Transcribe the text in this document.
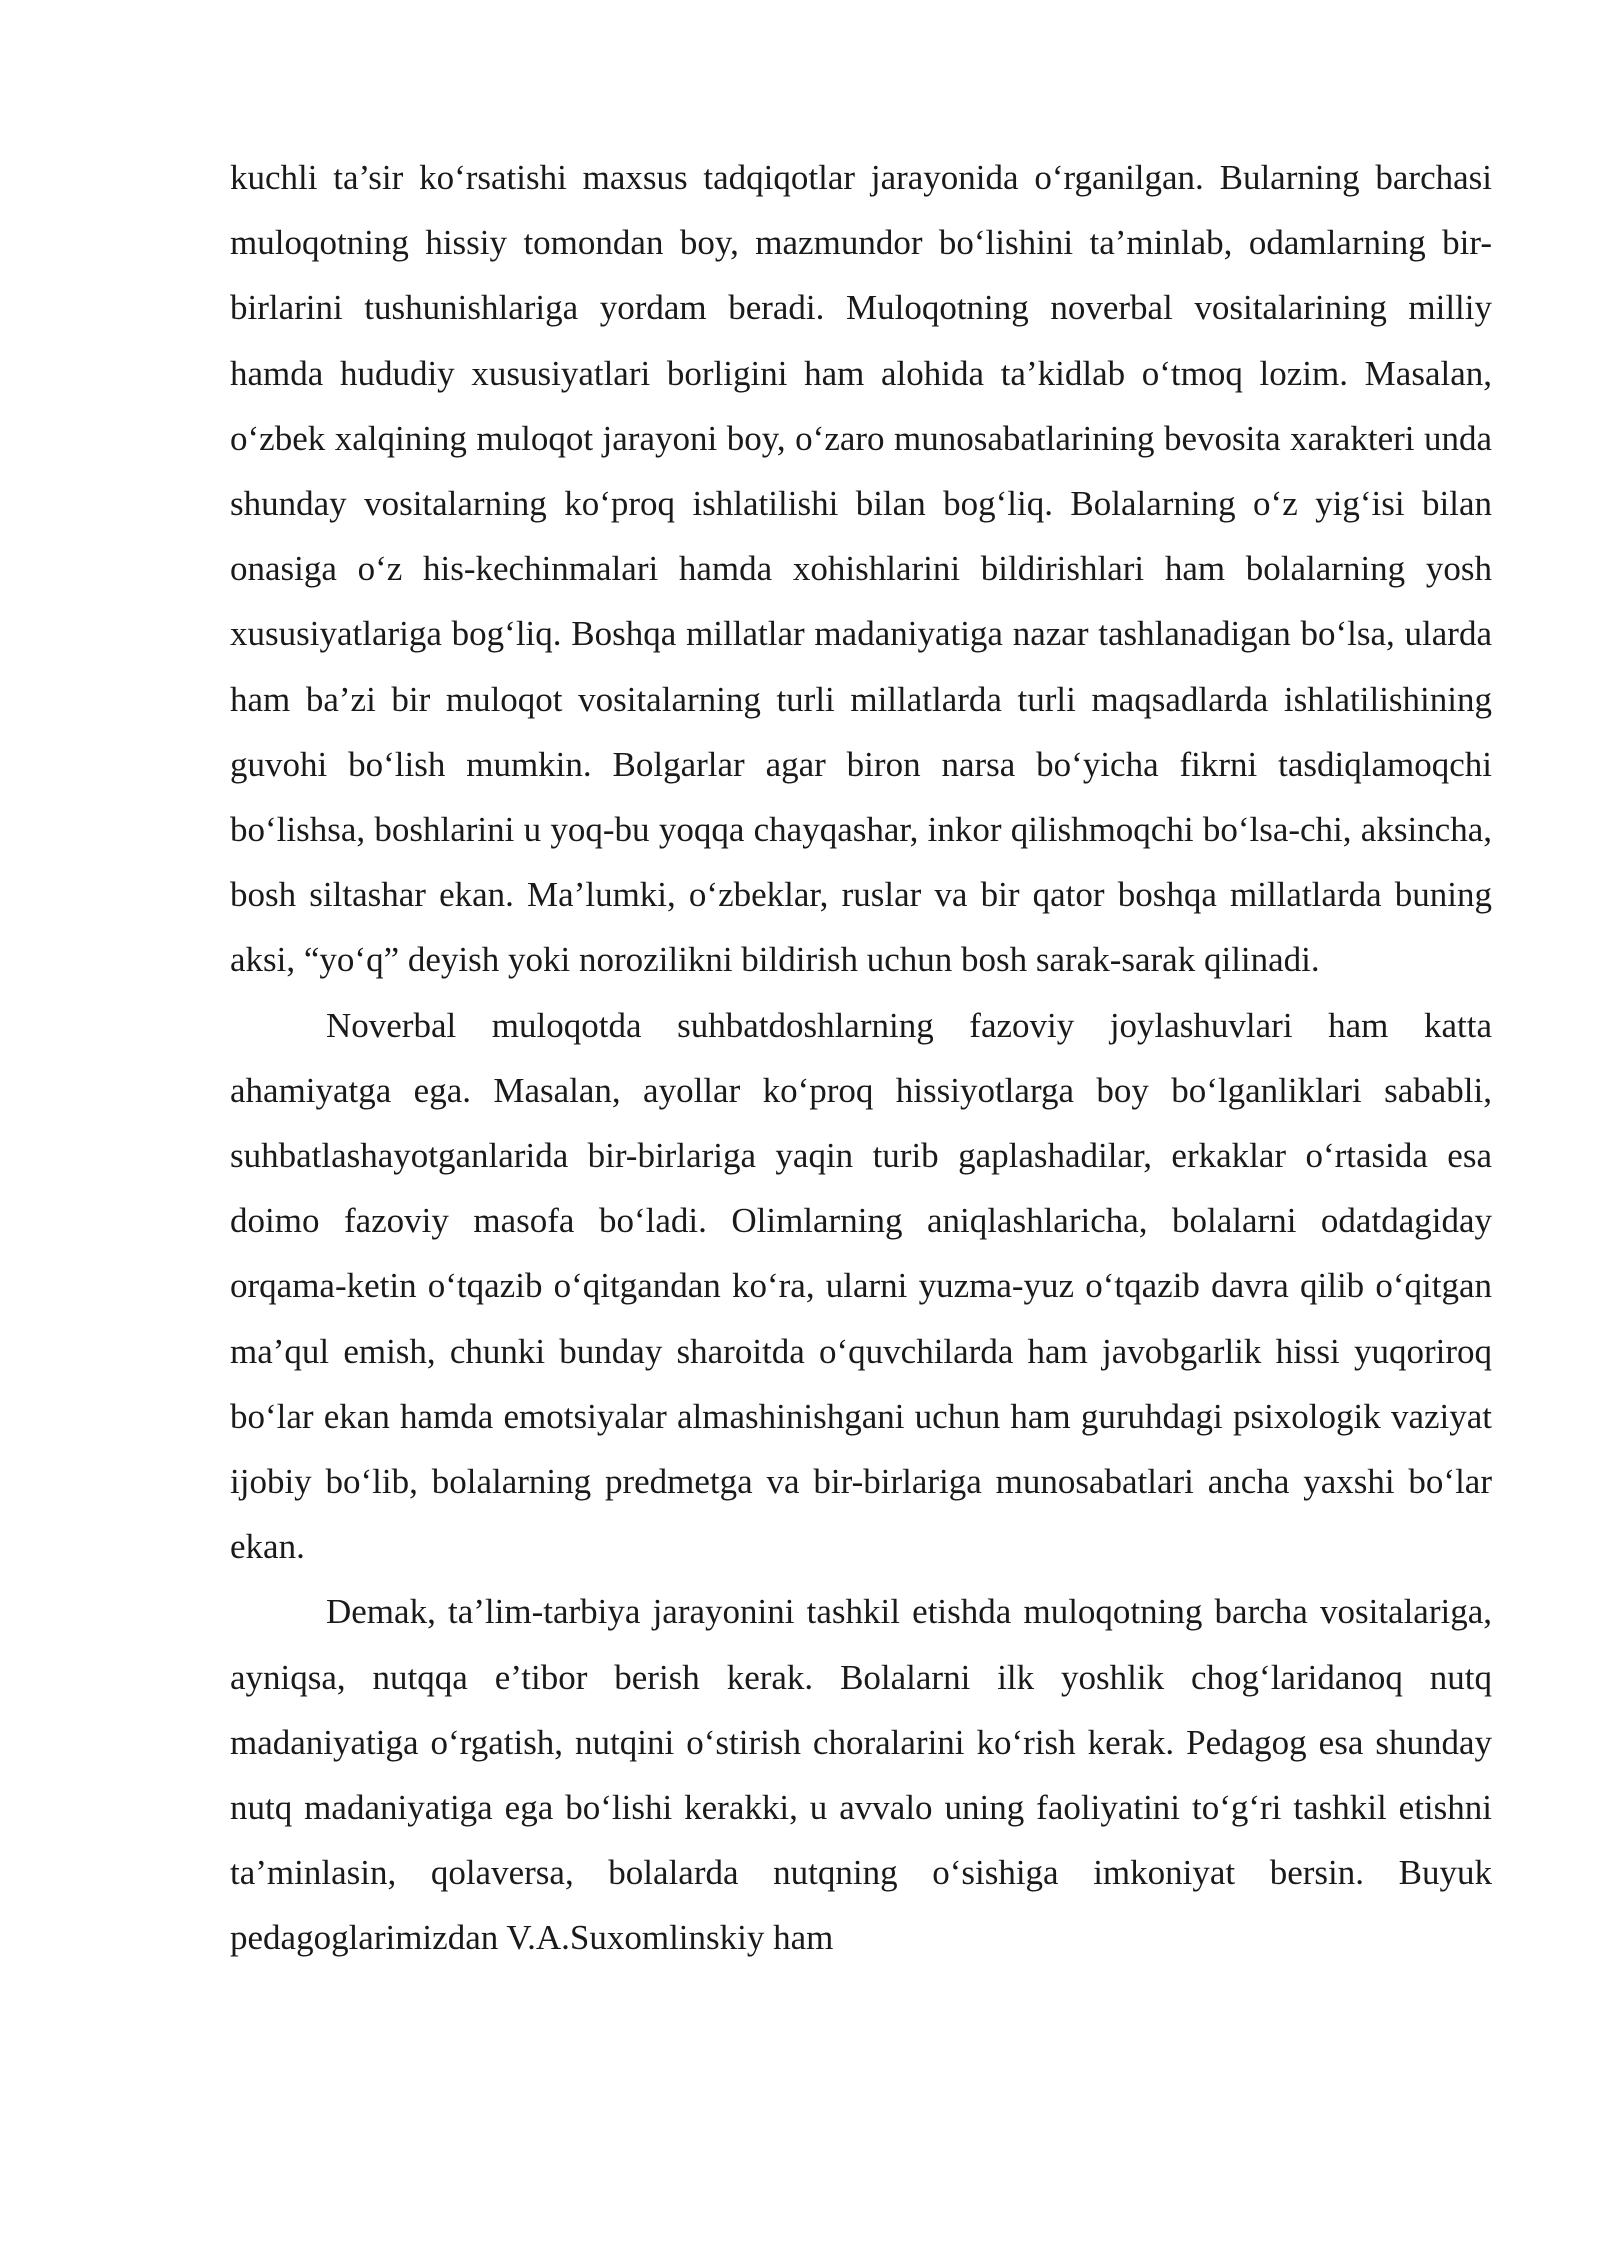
kuchli ta’sir ko‘rsatishi maxsus tadqiqotlar jarayonida o‘rganilgan. Bularning barchasi muloqotning hissiy tomondan boy, mazmundor bo‘lishini ta’minlab, odamlarning bir-birlarini tushunishlariga yordam beradi. Muloqotning noverbal vositalarining milliy hamda hududiy xususiyatlari borligini ham alohida ta’kidlab o‘tmoq lozim. Masalan, o‘zbek xalqining muloqot jarayoni boy, o‘zaro munosabatlarining bevosita xarakteri unda shunday vositalarning ko‘proq ishlatilishi bilan bog‘liq. Bolalarning o‘z yig‘isi bilan onasiga o‘z his-kechinmalari hamda xohishlarini bildirishlari ham bolalarning yosh xususiyatlariga bog‘liq. Boshqa millatlar madaniyatiga nazar tashlanadigan bo‘lsa, ularda ham ba’zi bir muloqot vositalarning turli millatlarda turli maqsadlarda ishlatilishining guvohi bo‘lish mumkin. Bolgarlar agar biron narsa bo‘yicha fikrni tasdiqlamoqchi bo‘lishsa, boshlarini u yoq-bu yoqqa chayqashar, inkor qilishmoqchi bo‘lsa-chi, aksincha, bosh siltashar ekan. Ma’lumki, o‘zbeklar, ruslar va bir qator boshqa millatlarda buning aksi, “yo‘q” deyish yoki norozilikni bildirish uchun bosh sarak-sarak qilinadi.

Noverbal muloqotda suhbatdoshlarning fazoviy joylashuvlari ham katta ahamiyatga ega. Masalan, ayollar ko‘proq hissiyotlarga boy bo‘lganliklari sababli, suhbatlashayotganlarida bir-birlariga yaqin turib gaplashadilar, erkaklar o‘rtasida esa doimo fazoviy masofa bo‘ladi. Olimlarning aniqlashlaricha, bolalarni odatdagiday orqama-ketin o‘tqazib o‘qitgandan ko‘ra, ularni yuzma-yuz o‘tqazib davra qilib o‘qitgan ma’qul emish, chunki bunday sharoitda o‘quvchilarda ham javobgarlik hissi yuqoriroq bo‘lar ekan hamda emotsiyalar almashinishgani uchun ham guruhdagi psixologik vaziyat ijobiy bo‘lib, bolalarning predmetga va bir-birlariga munosabatlari ancha yaxshi bo‘lar ekan.

Demak, ta’lim-tarbiya jarayonini tashkil etishda muloqotning barcha vositalariga, ayniqsa, nutqqa e’tibor berish kerak. Bolalarni ilk yoshlik chog‘laridanoq nutq madaniyatiga o‘rgatish, nutqini o‘stirish choralarini ko‘rish kerak. Pedagog esa shunday nutq madaniyatiga ega bo‘lishi kerakki, u avvalo uning faoliyatini to‘g‘ri tashkil etishni ta’minlasin, qolaversa, bolalarda nutqning o‘sishiga imkoniyat bersin. Buyuk pedagoglarimizdan V.A.Suxomlinskiy ham
